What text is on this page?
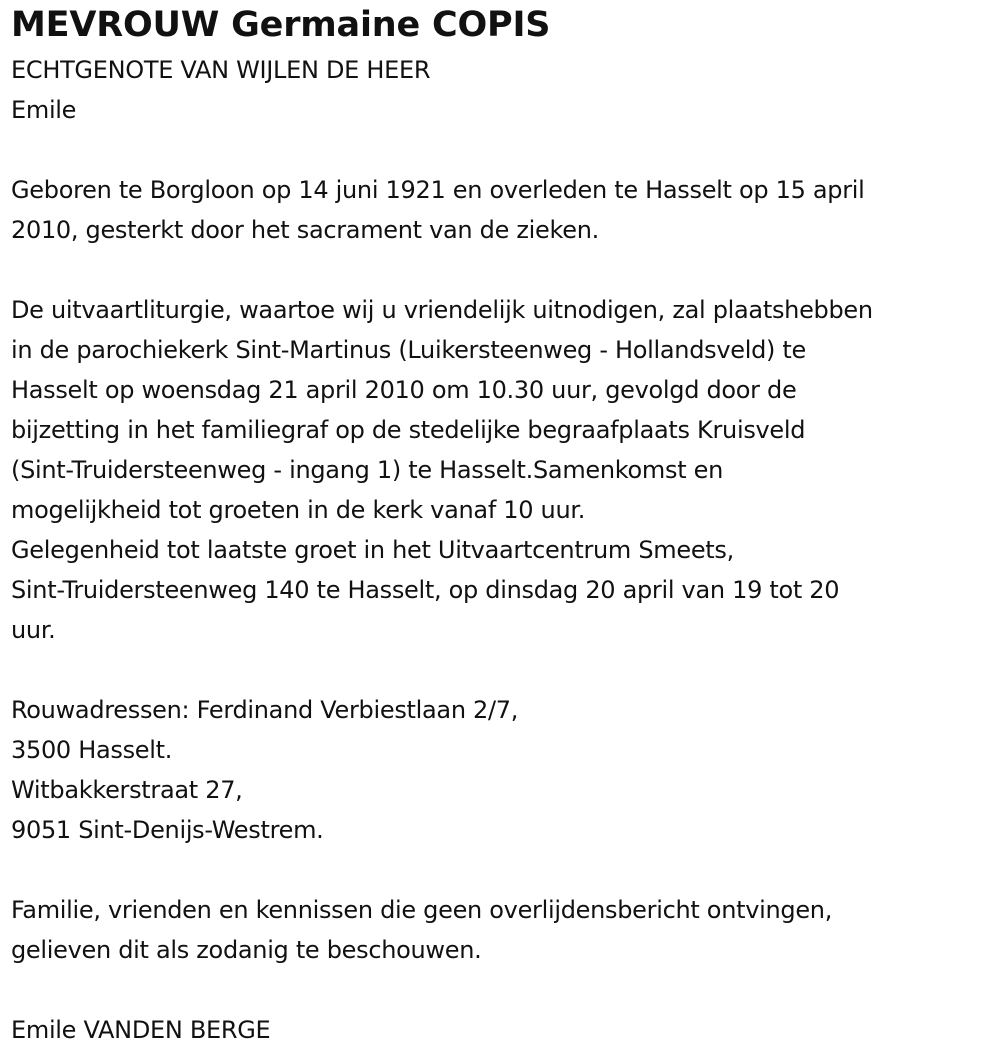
MEVROUW Germaine COPIS

ECHTGENOTE VAN WIJLEN DE HEER

Emile

Geboren te Borgloon op 14 juni 1921 en overleden te Hasselt op 15 april

2010, gesterkt door het sacrament van de zieken.

De uitvaartliturgie, waartoe wij u vriendelijk uitnodigen, zal plaatshebben

in de parochiekerk Sint-Martinus (Luikersteenweg - Hollandsveld) te

Hasselt op woensdag 21 april 2010 om 10.30 uur, gevolgd door de

bijzetting in het familiegraf op de stedelijke begraafplaats Kruisveld

(Sint-Truidersteenweg - ingang 1) te Hasselt.Samenkomst en

mogelijkheid tot groeten in de kerk vanaf 10 uur.

Gelegenheid tot laatste groet in het Uitvaartcentrum Smeets,

Sint-Truidersteenweg 140 te Hasselt, op dinsdag 20 april van 19 tot 20

uur.

Rouwadressen: Ferdinand Verbiestlaan 2/7,

3500 Hasselt.

Witbakkerstraat 27,

9051 Sint-Denijs-Westrem.

Familie, vrienden en kennissen die geen overlijdensbericht ontvingen,

gelieven dit als zodanig te beschouwen.

Emile VANDEN BERGE
